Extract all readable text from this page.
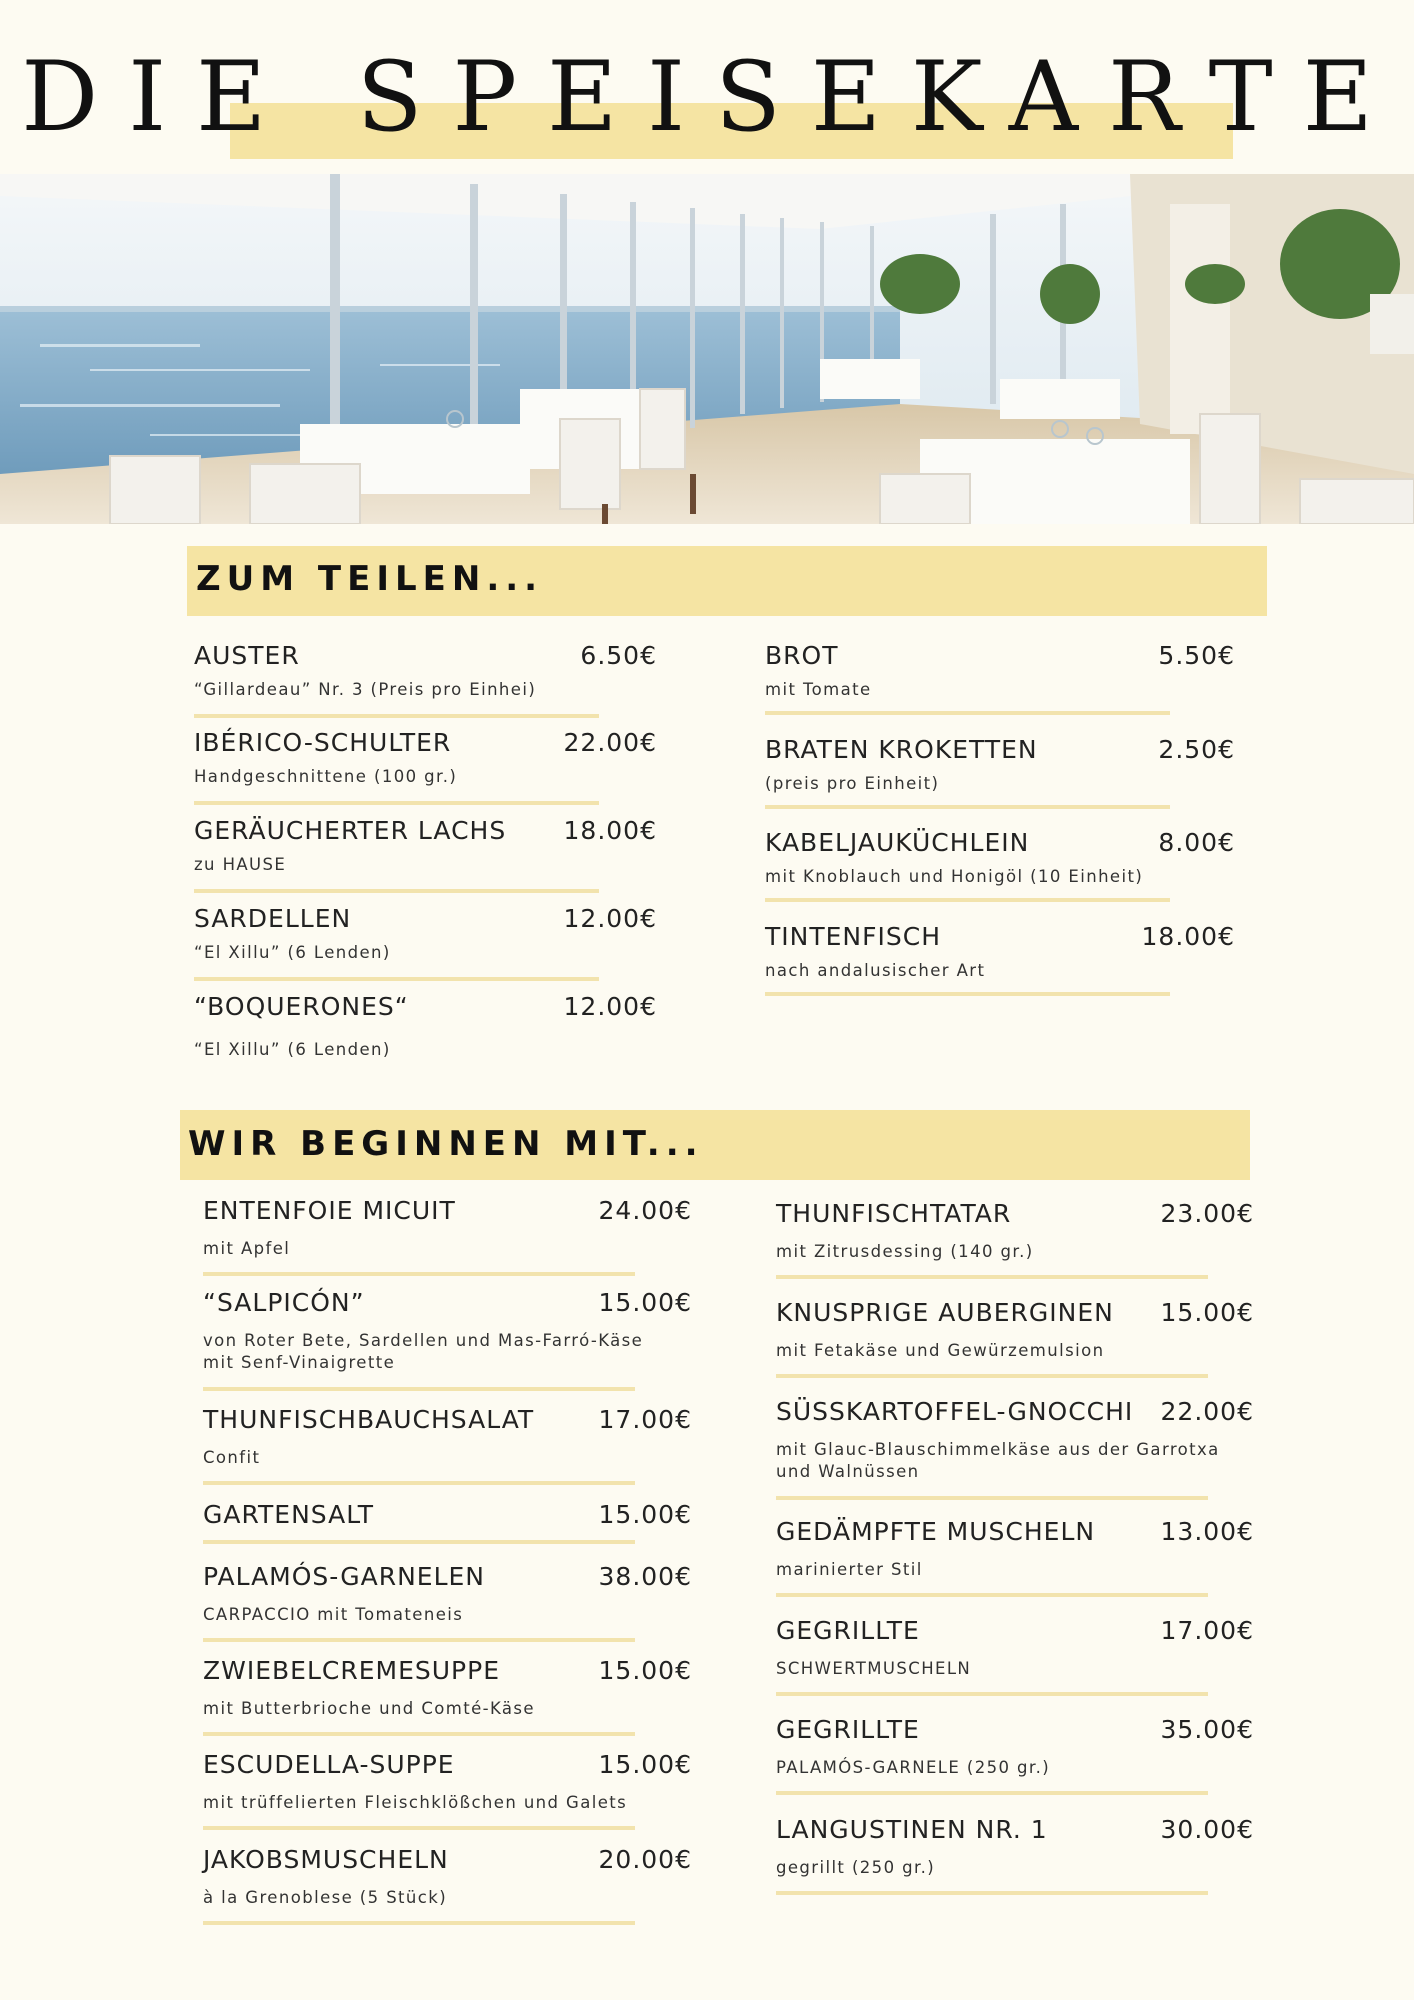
DIE SPEISEKARTE
ZUM TEILEN...
AUSTER	6.50€
“Gillardeau” Nr. 3 (Preis pro Einhei)
IBÉRICO-SCHULTER	22.00€
Handgeschnittene (100 gr.)
GERÄUCHERTER LACHS 18.00€
zu HAUSE
SARDELLEN	12.00€
“El Xillu” (6 Lenden)
“BOQUERONES“	12.00€
“El Xillu” (6 Lenden)
BROT	5.50€
mit Tomate
BRATEN KROKETTEN	2.50€
(preis pro Einheit)
KABELJAUKÜCHLEIN	8.00€
mit Knoblauch und Honigöl (10 Einheit)
TINTENFISCH	18.00€
nach andalusischer Art
WIR BEGINNEN MIT...
ENTENFOIE MICUIT	24.00€
mit Apfel
“SALPICÓN”	15.00€
von Roter Bete, Sardellen und Mas-Farró-Käse mit Senf-Vinaigrette
THUNFISCHBAUCHSALAT	17.00€
Confit
GARTENSALT	15.00€
PALAMÓS-GARNELEN	38.00€
CARPACCIO mit Tomateneis
ZWIEBELCREMESUPPE	15.00€
mit Butterbrioche und Comté-Käse
ESCUDELLA-SUPPE	15.00€
mit trüffelierten Fleischklößchen und Galets
JAKOBSMUSCHELN	20.00€
à la Grenoblese (5 Stück)
THUNFISCHTATAR	23.00€
mit Zitrusdessing (140 gr.)
KNUSPRIGE AUBERGINEN 15.00€
mit Fetakäse und Gewürzemulsion
SÜSSKARTOFFEL-GNOCCHI 22.00€
mit Glauc-Blauschimmelkäse aus der Garrotxa und Walnüssen
GEDÄMPFTE MUSCHELN	13.00€
marinierter Stil
GEGRILLTE	17.00€
SCHWERTMUSCHELN
GEGRILLTE	35.00€
PALAMÓS-GARNELE (250 gr.)
LANGUSTINEN NR. 1	30.00€
gegrillt (250 gr.)
